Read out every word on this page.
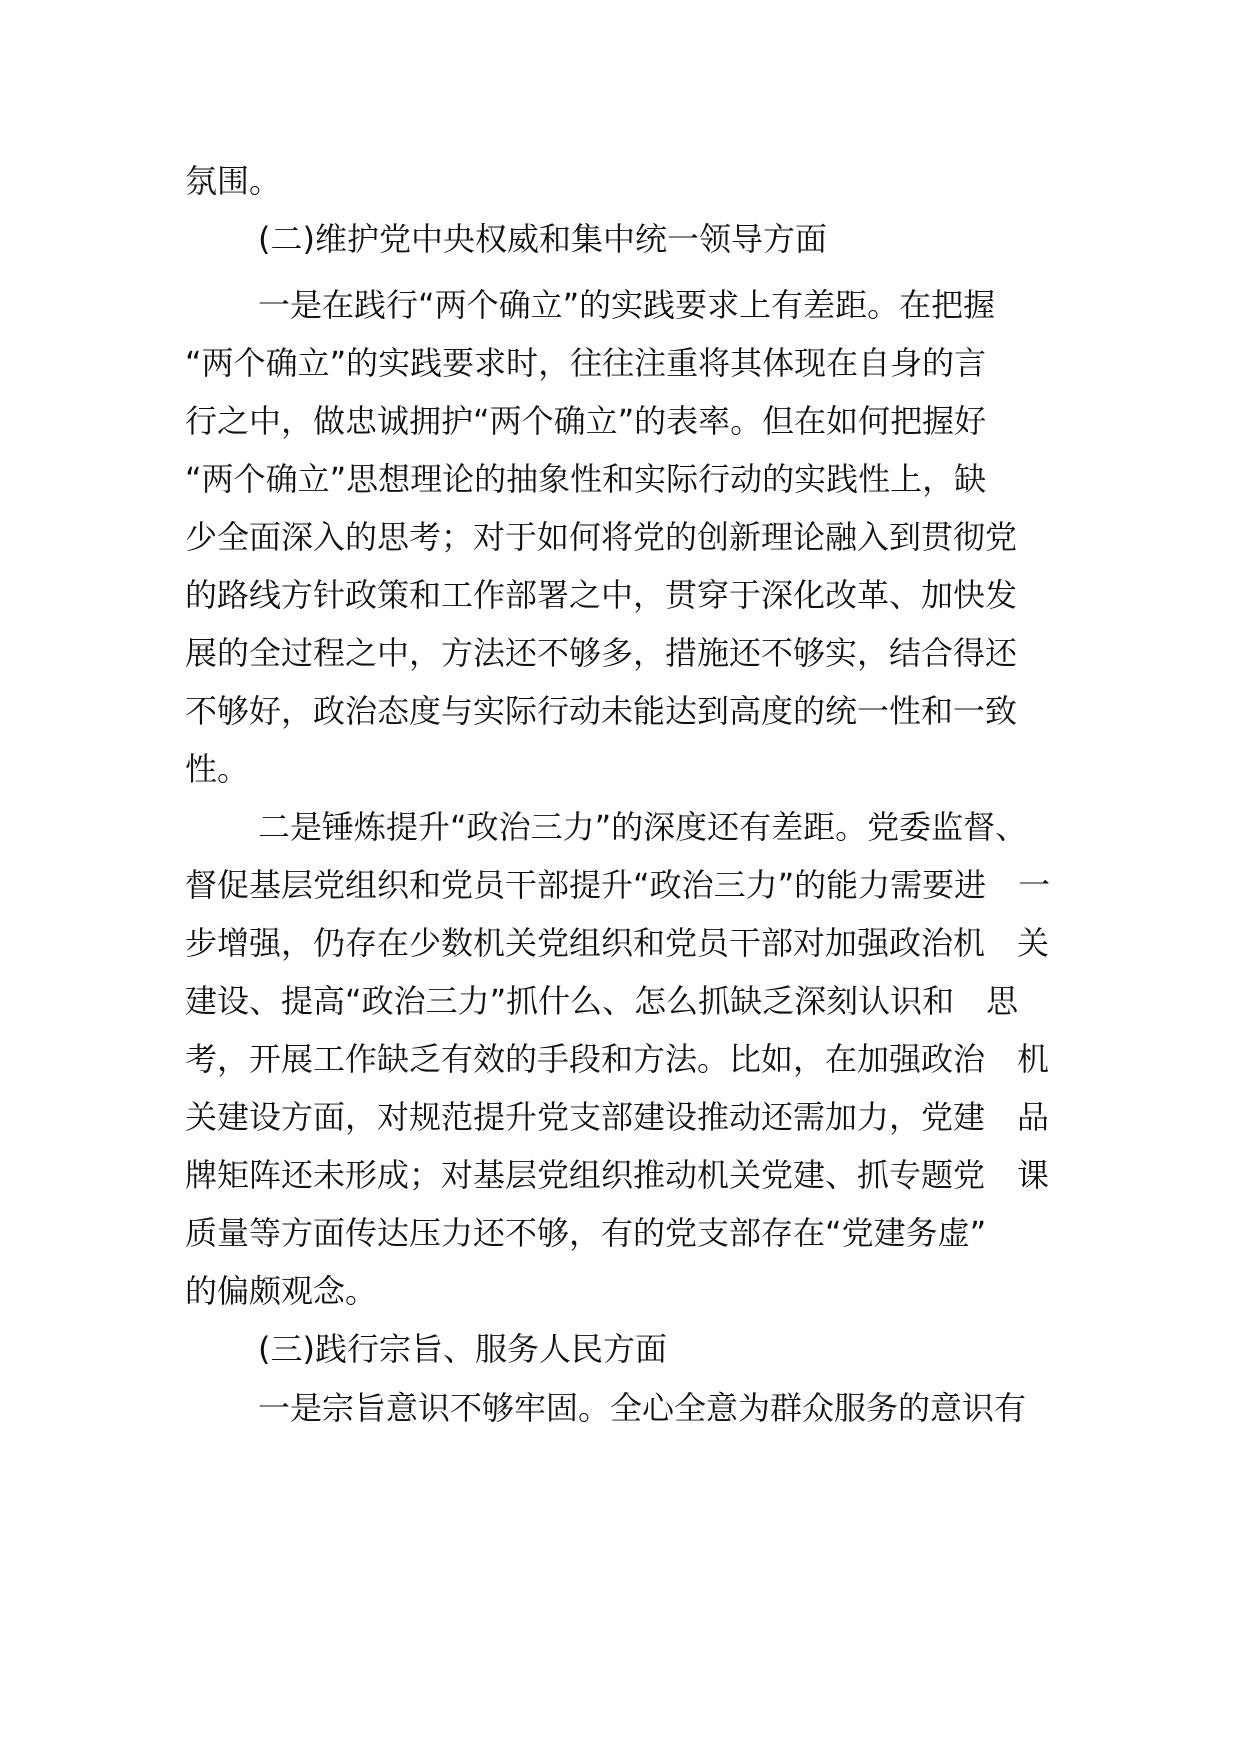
氛围。
(二)维护党中央权威和集中统一领导方面
一是在践行“两个确立”的实践要求上有差距。在把握
“两个确立”的实践要求时，往往注重将其体现在自身的言
行之中，做忠诚拥护“两个确立”的表率。但在如何把握好
“两个确立”思想理论的抽象性和实际行动的实践性上，缺
少全面深入的思考；对于如何将党的创新理论融入到贯彻党
的路线方针政策和工作部署之中，贯穿于深化改革、加快发
展的全过程之中，方法还不够多，措施还不够实，结合得还
不够好，政治态度与实际行动未能达到高度的统一性和一致
性。
二是锤炼提升“政治三力”的深度还有差距。党委监督、
督促基层党组织和党员干部提升“政治三力”的能力需要进　一
步增强，仍存在少数机关党组织和党员干部对加强政治机　关
建设、提高“政治三力”抓什么、怎么抓缺乏深刻认识和　思
考，开展工作缺乏有效的手段和方法。比如，在加强政治　机
关建设方面，对规范提升党支部建设推动还需加力，党建　品
牌矩阵还未形成；对基层党组织推动机关党建、抓专题党　课
质量等方面传达压力还不够，有的党支部存在“党建务虚”
的偏颇观念。
(三)践行宗旨、服务人民方面
一是宗旨意识不够牢固。全心全意为群众服务的意识有
